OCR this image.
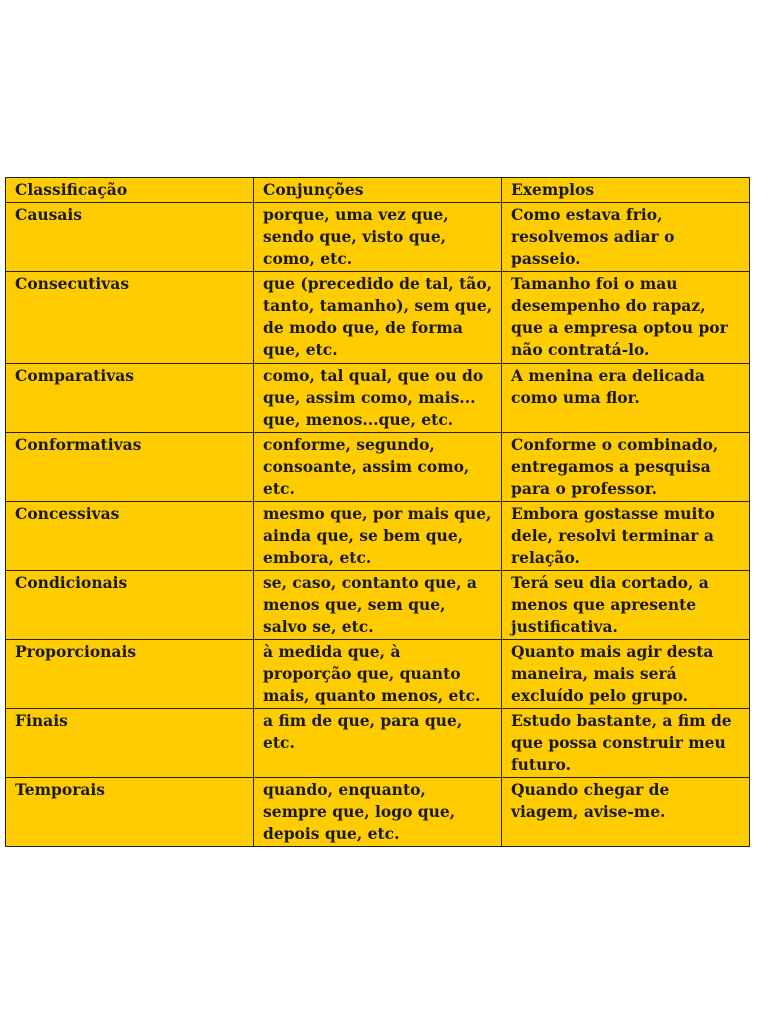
Classificação	Conjunções	Exemplos
Causais	porque, uma vez que, sendo que, visto que, como, etc.	Como estava frio, resolvemos adiar o passeio.
Consecutivas	que (precedido de tal, tão, tanto, tamanho), sem que, de modo que, de forma que, etc.	Tamanho foi o mau desempenho do rapaz, que a empresa optou por não contratá-lo.
Comparativas	como, tal qual, que ou do que, assim como, mais... que, menos...que, etc.	A menina era delicada como uma flor.
Conformativas	conforme, segundo, consoante, assim como, etc.	Conforme o combinado, entregamos a pesquisa para o professor.
Concessivas	mesmo que, por mais que, ainda que, se bem que, embora, etc.	Embora gostasse muito dele, resolvi terminar a relação.
Condicionais	se, caso, contanto que, a menos que, sem que, salvo se, etc.	Terá seu dia cortado, a menos que apresente justificativa.
Proporcionais	à medida que, à proporção que, quanto mais, quanto menos, etc.	Quanto mais agir desta maneira, mais será excluído pelo grupo.
Finais	a fim de que, para que, etc.	Estudo bastante, a fim de que possa construir meu futuro.
Temporais	quando, enquanto, sempre que, logo que, depois que, etc.	Quando chegar de viagem, avise-me.
